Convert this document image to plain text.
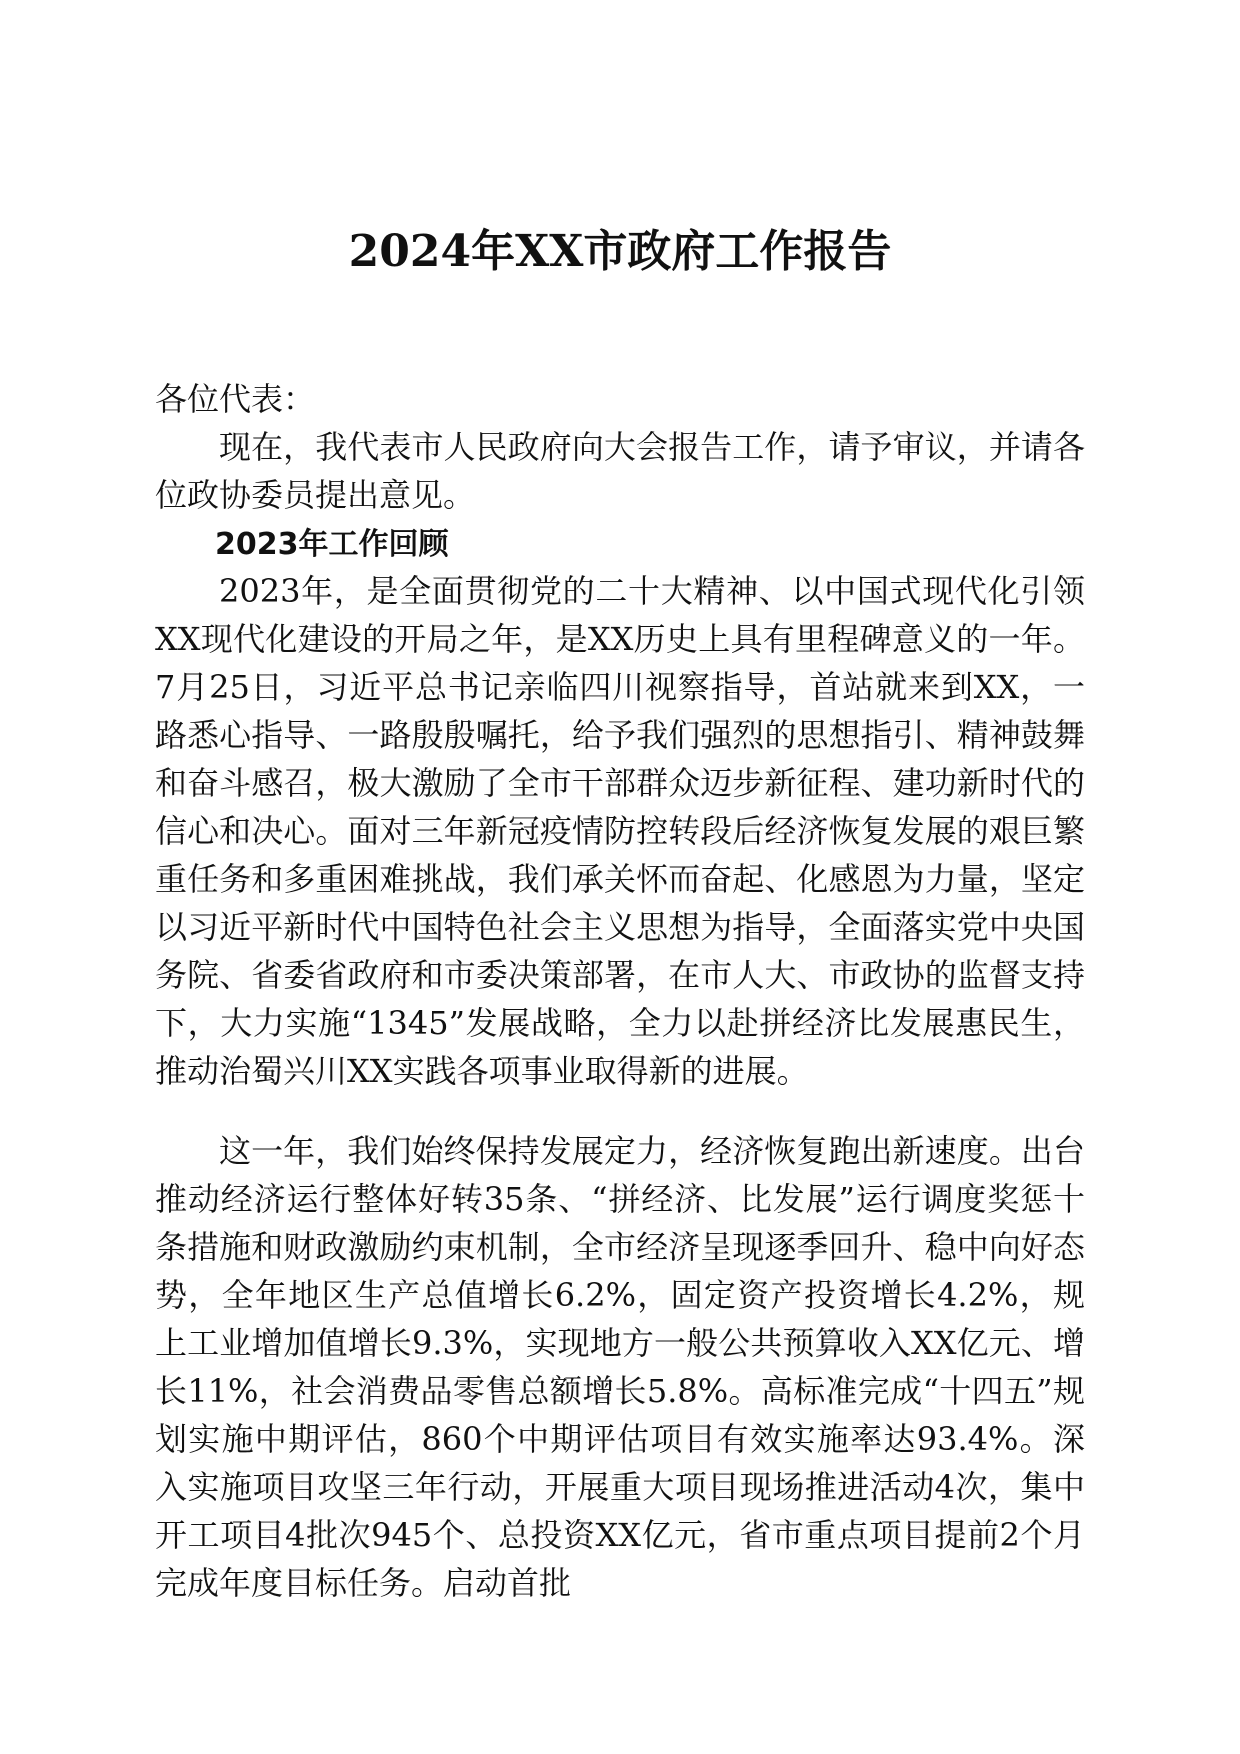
2024年XX市政府工作报告
各位代表：
现在，我代表市人民政府向大会报告工作，请予审议，并请各位政协委员提出意见。
2023年工作回顾
2023年，是全面贯彻党的二十大精神、以中国式现代化引领XX现代化建设的开局之年，是XX历史上具有里程碑意义的一年。7月25日，习近平总书记亲临四川视察指导，首站就来到XX，一路悉心指导、一路殷殷嘱托，给予我们强烈的思想指引、精神鼓舞和奋斗感召，极大激励了全市干部群众迈步新征程、建功新时代的信心和决心。面对三年新冠疫情防控转段后经济恢复发展的艰巨繁重任务和多重困难挑战，我们承关怀而奋起、化感恩为力量，坚定以习近平新时代中国特色社会主义思想为指导，全面落实党中央国务院、省委省政府和市委决策部署，在市人大、市政协的监督支持下，大力实施“1345”发展战略，全力以赴拼经济比发展惠民生，推动治蜀兴川XX实践各项事业取得新的进展。
这一年，我们始终保持发展定力，经济恢复跑出新速度。出台推动经济运行整体好转35条、“拼经济、比发展”运行调度奖惩十条措施和财政激励约束机制，全市经济呈现逐季回升、稳中向好态势，全年地区生产总值增长6.2%，固定资产投资增长4.2%，规上工业增加值增长9.3%，实现地方一般公共预算收入XX亿元、增长11%，社会消费品零售总额增长5.8%。高标准完成“十四五”规划实施中期评估，860个中期评估项目有效实施率达93.4%。深入实施项目攻坚三年行动，开展重大项目现场推进活动4次，集中开工项目4批次945个、总投资XX亿元，省市重点项目提前2个月完成年度目标任务。启动首批
